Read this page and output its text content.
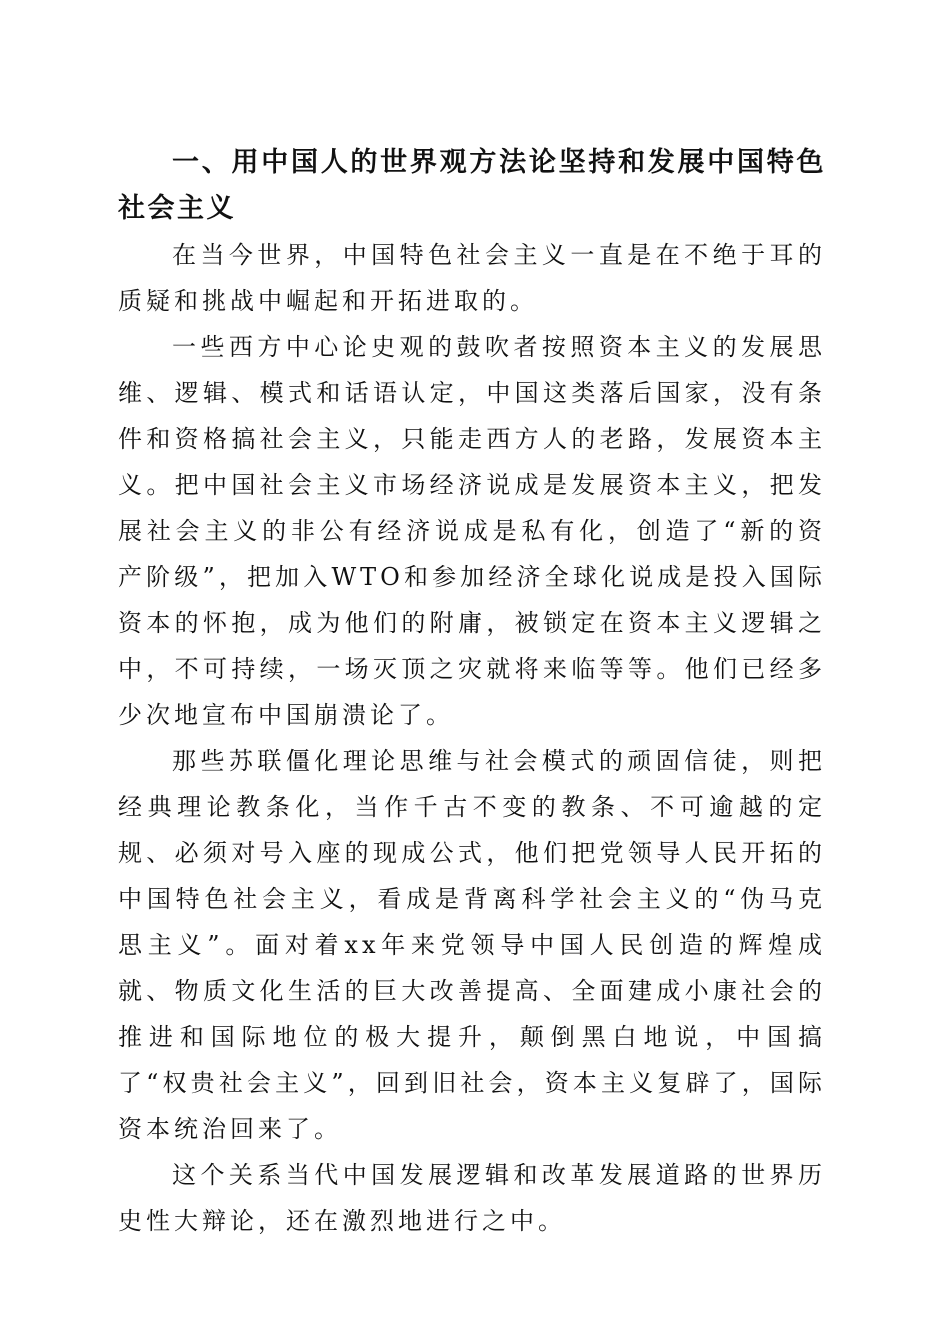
一、用中国人的世界观方法论坚持和发展中国特色社会主义

在当今世界，中国特色社会主义一直是在不绝于耳的质疑和挑战中崛起和开拓进取的。

一些西方中心论史观的鼓吹者按照资本主义的发展思维、逻辑、模式和话语认定，中国这类落后国家，没有条件和资格搞社会主义，只能走西方人的老路，发展资本主义。把中国社会主义市场经济说成是发展资本主义，把发展社会主义的非公有经济说成是私有化，创造了“新的资产阶级”，把加入WTO和参加经济全球化说成是投入国际资本的怀抱，成为他们的附庸，被锁定在资本主义逻辑之中，不可持续，一场灭顶之灾就将来临等等。他们已经多少次地宣布中国崩溃论了。

那些苏联僵化理论思维与社会模式的顽固信徒，则把经典理论教条化，当作千古不变的教条、不可逾越的定规、必须对号入座的现成公式，他们把党领导人民开拓的中国特色社会主义，看成是背离科学社会主义的“伪马克思主义”。面对着xx年来党领导中国人民创造的辉煌成就、物质文化生活的巨大改善提高、全面建成小康社会的推进和国际地位的极大提升，颠倒黑白地说，中国搞了“权贵社会主义”，回到旧社会，资本主义复辟了，国际资本统治回来了。

这个关系当代中国发展逻辑和改革发展道路的世界历史性大辩论，还在激烈地进行之中。
